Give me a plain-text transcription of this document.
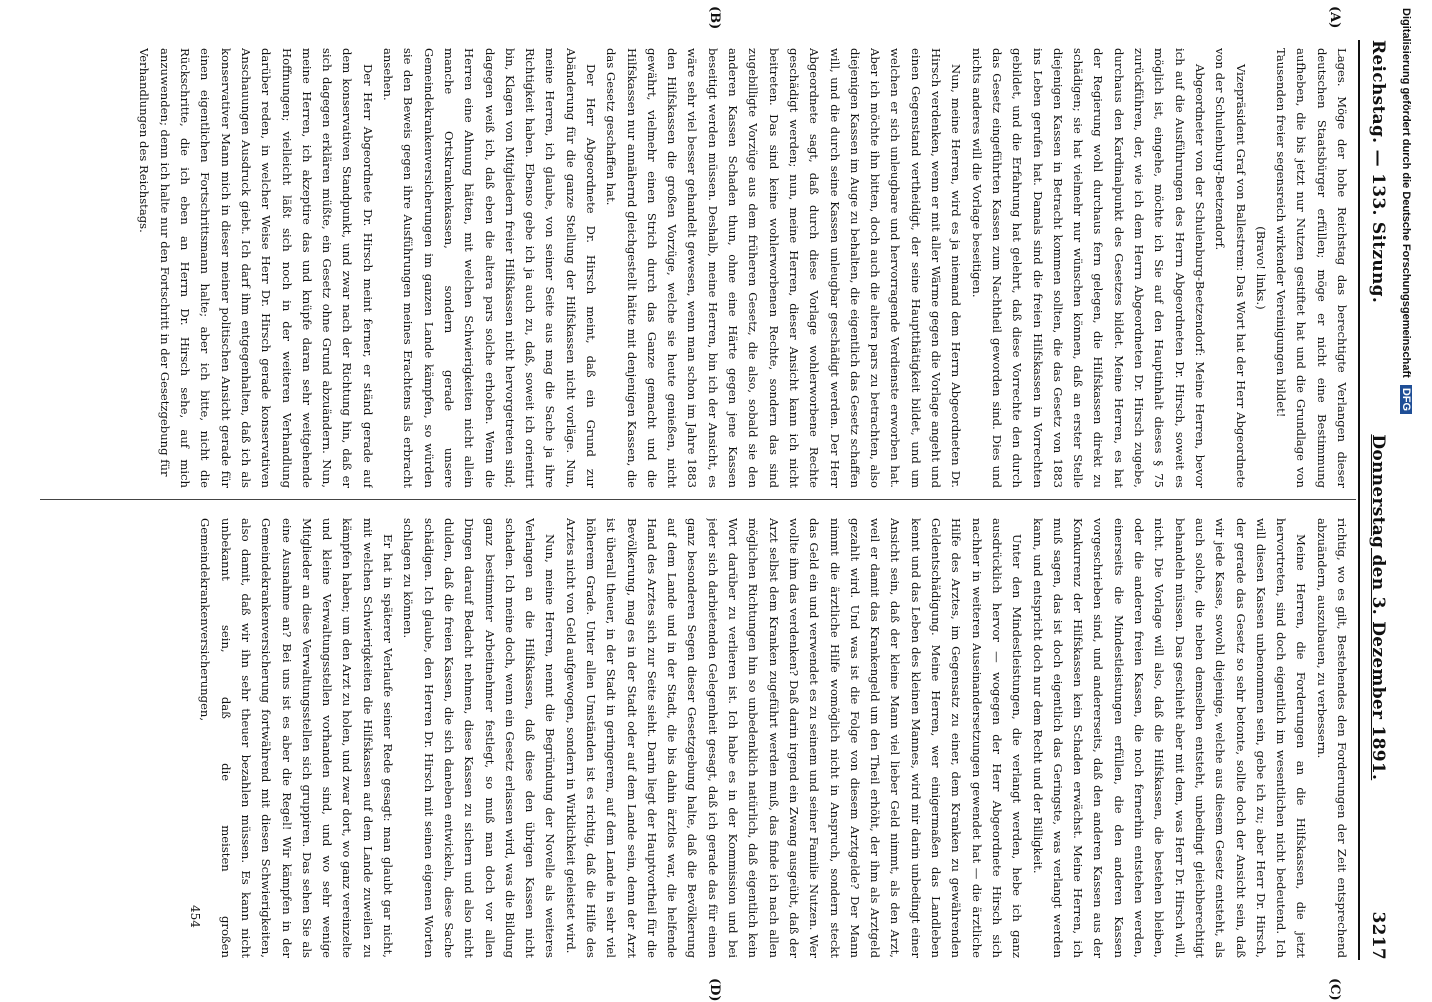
Reichstag. — 133. Sitzung.
Donnerstag den 3. Dezember 1891.
3217
(A)
(B)
(C)
(D)

Lages. Möge der hohe Reichstag das berechtigte Verlangen dieser deutschen Staatsbürger erfüllen; möge er nicht eine Bestimmung aufheben, die bis jetzt nur Nutzen gestiftet hat und die Grundlage von Tausenden freier segensreich wirkender Vereinigungen bildet!

(Bravo! links.)

Vizepräsident Graf von Ballestrem: Das Wort hat der Herr Abgeordnete von der Schulenburg-Beetzendorf.

Abgeordneter von der Schulenburg-Beetzendorf: Meine Herren, bevor ich auf die Ausführungen des Herrn Abgeordneten Dr. Hirsch, soweit es möglich ist, eingehe, möchte ich Sie auf den Hauptinhalt dieses § 75 zurückführen, der, wie ich dem Herrn Abgeordneten Dr. Hirsch zugebe, durchaus den Kardinalpunkt des Gesetzes bildet. Meine Herren, es hat der Regierung wohl durchaus fern gelegen, die Hilfskassen direkt zu schädigen; sie hat vielmehr nur wünschen können, daß an erster Stelle diejenigen Kassen in Betracht kommen sollten, die das Gesetz von 1883 ins Leben gerufen hat. Damals sind die freien Hilfskassen in Vorrechten gebildet, und die Erfahrung hat gelehrt, daß diese Vorrechte den durch das Gesetz eingeführten Kassen zum Nachtheil geworden sind. Dies und nichts anderes will die Vorlage beseitigen.

Nun, meine Herren, wird es ja niemand dem Herrn Abgeordneten Dr. Hirsch verdenken, wenn er mit aller Wärme gegen die Vorlage angeht und einen Gegenstand vertheidigt, der seine Hauptthätigkeit bildet, und um welchen er sich unleugbare und hervorragende Verdienste erworben hat. Aber ich möchte ihn bitten, doch auch die altera pars zu betrachten, also diejenigen Kassen im Auge zu behalten, die eigentlich das Gesetz schaffen will, und die durch seine Kassen unleugbar geschädigt werden. Der Herr Abgeordnete sagt, daß durch diese Vorlage wohlerworbene Rechte geschädigt werden; nun, meine Herren, dieser Ansicht kann ich nicht beitreten. Das sind keine wohlerworbenen Rechte, sondern das sind zugebilligte Vorzüge aus dem früheren Gesetz, die also, sobald sie den anderen Kassen Schaden thun, ohne eine Härte gegen jene Kassen beseitigt werden müssen. Deshalb, meine Herren, bin ich der Ansicht, es wäre sehr viel besser gehandelt gewesen, wenn man schon im Jahre 1883 den Hilfskassen die großen Vorzüge, welche sie heute genießen, nicht gewährt, vielmehr einen Strich durch das Ganze gemacht und die Hilfskassen nur annähernd gleichgestellt hätte mit denjenigen Kassen, die das Gesetz geschaffen hat.

Der Herr Abgeordnete Dr. Hirsch meint, daß ein Grund zur Abänderung für die ganze Stellung der Hilfskassen nicht vorläge. Nun, meine Herren, ich glaube, von seiner Seite aus mag die Sache ja ihre Richtigkeit haben. Ebenso gebe ich ja auch zu, daß, soweit ich orientirt bin, Klagen von Mitgliedern freier Hilfskassen nicht hervorgetreten sind; dagegen weiß ich, daß eben die altera pars solche erhoben. Wenn die Herren eine Ahnung hätten, mit welchen Schwierigkeiten nicht allein manche Ortskrankenkassen, sondern gerade unsere Gemeindekrankenversicherungen im ganzen Lande kämpfen, so würden sie den Beweis gegen ihre Ausführungen meines Erachtens als erbracht ansehen.

Der Herr Abgeordnete Dr. Hirsch meint ferner, er ständ gerade auf dem konservativen Standpunkt, und zwar nach der Richtung hin, daß er sich dagegen erklären müßte, ein Gesetz ohne Grund abzuändern. Nun, meine Herren, ich akzeptire das und knüpfe daran sehr weitgehende Hoffnungen; vielleicht läßt sich noch in der weiteren Verhandlung darüber reden, in welcher Weise Herr Dr. Hirsch gerade konservativen Anschauungen Ausdruck giebt. Ich darf ihm entgegenhalten, daß ich als konservativer Mann mich in dieser meiner politischen Ansicht gerade für einen eigentlichen Fortschrittsmann halte; aber ich bitte, nicht die Rückschritte, die ich eben an Herrn Dr. Hirsch sehe, auf mich anzuwenden; denn ich halte nur den Fortschritt in der Gesetzgebung für

Verhandlungen des Reichstags.

richtig, wo es gilt, Bestehendes den Forderungen der Zeit entsprechend abzuändern, auszubauen, zu verbessern.

Meine Herren, die Forderungen an die Hilfskassen, die jetzt hervortreten, sind doch eigentlich im wesentlichen nicht bedeutend. Ich will diesen Kassen unbenommen sein, gebe ich zu; aber Herr Dr. Hirsch, der gerade das Gesetz so sehr betonte, sollte doch der Ansicht sein, daß wir jede Kasse, sowohl diejenige, welche aus diesem Gesetz entsteht, als auch solche, die neben demselben entsteht, unbedingt gleichberechtigt behandeln müssen. Das geschieht aber mit dem, was Herr Dr. Hirsch will, nicht. Die Vorlage will also, daß die Hilfskassen, die bestehen bleiben, oder die anderen freien Kassen, die noch fernerhin entstehen werden, einerseits die Mindestleistungen erfüllen, die den anderen Kassen vorgeschrieben sind, und andererseits, daß den anderen Kassen aus der Konkurrenz der Hilfskassen kein Schaden erwächst. Meine Herren, ich muß sagen, das ist doch eigentlich das Geringste, was verlangt werden kann, und entspricht doch nur dem Recht und der Billigkeit.

Unter den Mindestleistungen, die verlangt werden, hebe ich ganz ausdrücklich hervor — wogegen der Herr Abgeordnete Hirsch sich nachher in weiteren Auseinandersetzungen gewendet hat — die ärztliche Hilfe des Arztes, im Gegensatz zu einer, dem Kranken zu gewährenden Geldentschädigung. Meine Herren, wer einigermaßen das Landleben kennt und das Leben des kleinen Mannes, wird mir darin unbedingt einer Ansicht sein, daß der kleine Mann viel lieber Geld nimmt, als den Arzt, weil er damit das Krankengeld um den Theil erhöht, der ihm als Arztgeld gezahlt wird. Und was ist die Folge von diesem Arztgelde? Der Mann nimmt die ärztliche Hilfe womöglich nicht in Anspruch, sondern steckt das Geld ein und verwendet es zu seinem und seiner Familie Nutzen. Wer wollte ihm das verdenken? Daß darin irgend ein Zwang ausgeübt, daß der Arzt selbst dem Kranken zugeführt werden muß, das finde ich nach allen möglichen Richtungen hin so unbedenklich natürlich, daß eigentlich kein Wort darüber zu verlieren ist. Ich habe es in der Kommission und bei jeder sich darbietenden Gelegenheit gesagt, daß ich gerade das für einen ganz besonderen Segen dieser Gesetzgebung halte, daß die Bevölkerung auf dem Lande und in der Stadt, die bis dahin ärztlos war, die helfende Hand des Arztes sich zur Seite sieht. Darin liegt der Hauptvortheil für die Bevölkerung, mag es in der Stadt oder auf dem Lande sein, denn der Arzt ist überall theuer, in der Stadt in geringerem, auf dem Lande in sehr viel höherem Grade. Unter allen Umständen ist es richtig, daß die Hilfe des Arztes nicht von Geld aufgewogen, sondern in Wirklichkeit geleistet wird.

Nun, meine Herren, nennt die Begründung der Novelle als weiteres Verlangen an die Hilfskassen, daß diese den übrigen Kassen nicht schaden. Ich meine doch, wenn ein Gesetz erlassen wird, was die Bildung ganz bestimmter Arbeitnehmer festlegt, so muß man doch vor allen Dingen darauf Bedacht nehmen, diese Kassen zu sichern und also nicht dulden, daß die freien Kassen, die sich daneben entwickeln, diese Sache schädigen. Ich glaube, den Herren Dr. Hirsch mit seinen eigenen Worten schlagen zu können.

Er hat in späterer Verlaufe seiner Rede gesagt: man glaubt gar nicht, mit welchen Schwierigkeiten die Hilfskassen auf dem Lande zuweilen zu kämpfen haben; um den Arzt zu holen, und zwar dort, wo ganz vereinzelte und kleine Verwaltungsstellen vorhanden sind, und wo sehr wenige Mitglieder an diese Verwaltungsstellen sich gruppiren. Das sehen Sie als eine Ausnahme an? Bei uns ist es aber die Regel! Wir kämpfen in der Gemeindekrankenversicherung fortwährend mit diesen Schwierigkeiten, also damit, daß wir ihn sehr theuer bezahlen müssen. Es kann nicht unbekannt sein, daß die meisten großen Gemeindekrankenversicherungen,

454
Digitalisierung gefördert durch die Deutsche Forschungsgemeinschaft DFG
